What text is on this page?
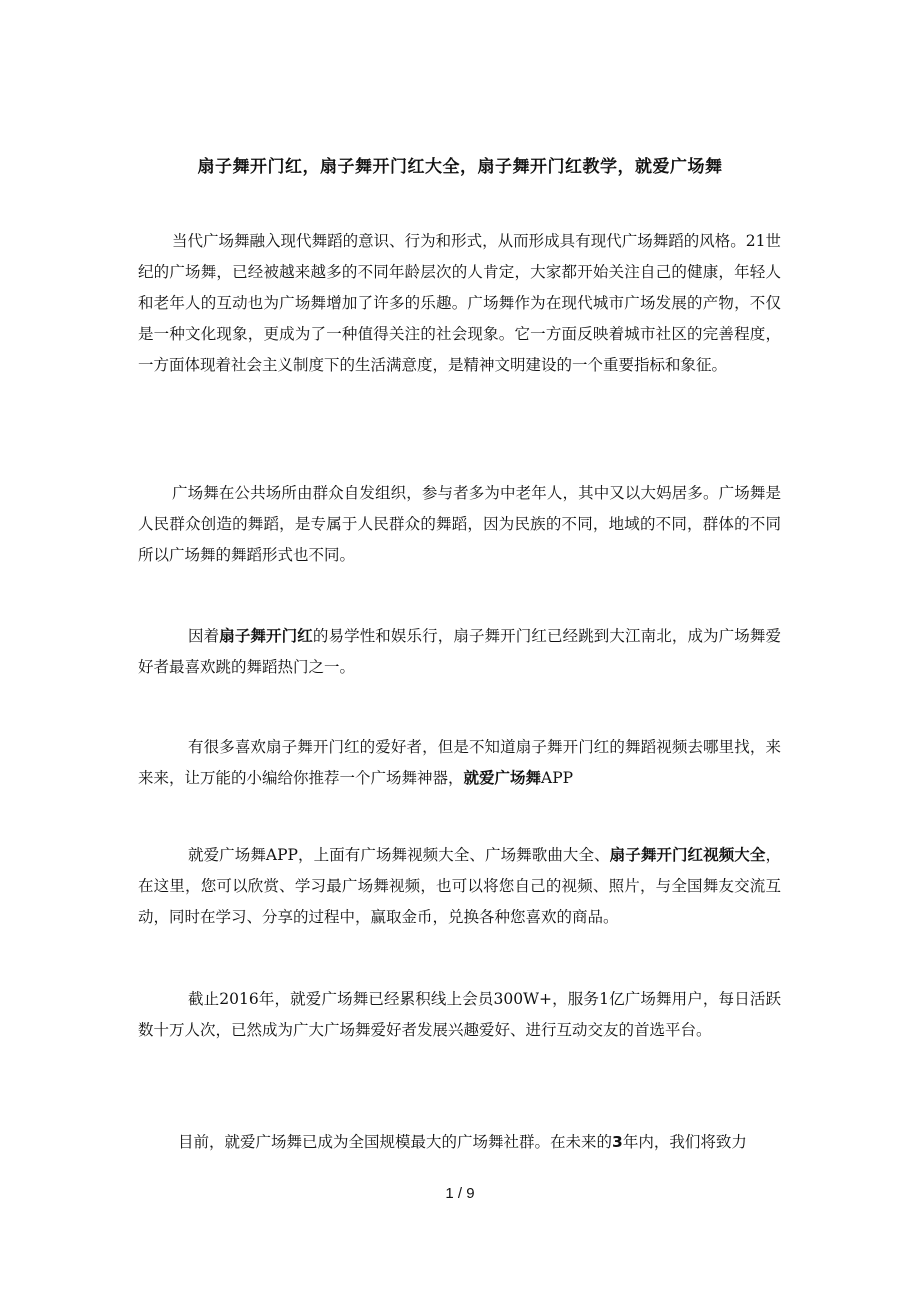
扇子舞开门红，扇子舞开门红大全，扇子舞开门红教学，就爱广场舞

当代广场舞融入现代舞蹈的意识、行为和形式，从而形成具有现代广场舞蹈的风格。21世纪的广场舞，已经被越来越多的不同年龄层次的人肯定，大家都开始关注自己的健康，年轻人和老年人的互动也为广场舞增加了许多的乐趣。广场舞作为在现代城市广场发展的产物，不仅是一种文化现象，更成为了一种值得关注的社会现象。它一方面反映着城市社区的完善程度，一方面体现着社会主义制度下的生活满意度，是精神文明建设的一个重要指标和象征。

广场舞在公共场所由群众自发组织，参与者多为中老年人，其中又以大妈居多。广场舞是人民群众创造的舞蹈，是专属于人民群众的舞蹈，因为民族的不同，地域的不同，群体的不同所以广场舞的舞蹈形式也不同。

因着扇子舞开门红的易学性和娱乐行，扇子舞开门红已经跳到大江南北，成为广场舞爱好者最喜欢跳的舞蹈热门之一。

有很多喜欢扇子舞开门红的爱好者，但是不知道扇子舞开门红的舞蹈视频去哪里找，来来来，让万能的小编给你推荐一个广场舞神器，就爱广场舞APP

就爱广场舞APP，上面有广场舞视频大全、广场舞歌曲大全、扇子舞开门红视频大全，在这里，您可以欣赏、学习最广场舞视频，也可以将您自己的视频、照片，与全国舞友交流互动，同时在学习、分享的过程中，赢取金币，兑换各种您喜欢的商品。

截止2016年，就爱广场舞已经累积线上会员300W+，服务1亿广场舞用户，每日活跃数十万人次，已然成为广大广场舞爱好者发展兴趣爱好、进行互动交友的首选平台。

目前，就爱广场舞已成为全国规模最大的广场舞社群。在未来的3年内，我们将致力

1 / 9
